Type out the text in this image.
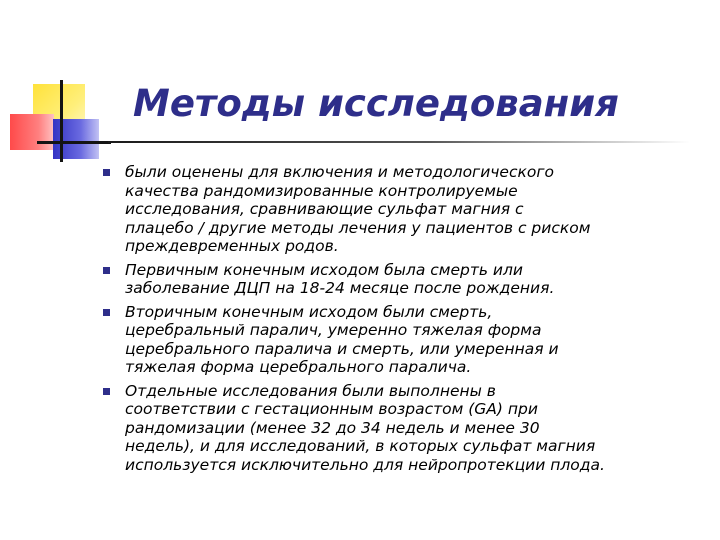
Методы исследования
были оценены для включения и методологического
качества рандомизированные контролируемые
исследования, сравнивающие сульфат магния с
плацебо / другие методы лечения у пациентов с риском
преждевременных родов.
Первичным конечным исходом была смерть или
заболевание ДЦП на 18-24 месяце после рождения.
Вторичным конечным исходом были смерть,
церебральный паралич, умеренно тяжелая форма
церебрального паралича и смерть, или умеренная и
тяжелая форма церебрального паралича.
Отдельные исследования были выполнены в
соответствии с гестационным возрастом (GA) при
рандомизации (менее 32 до 34 недель и менее 30
недель), и для исследований, в которых сульфат магния
используется исключительно для нейропротекции плода.
